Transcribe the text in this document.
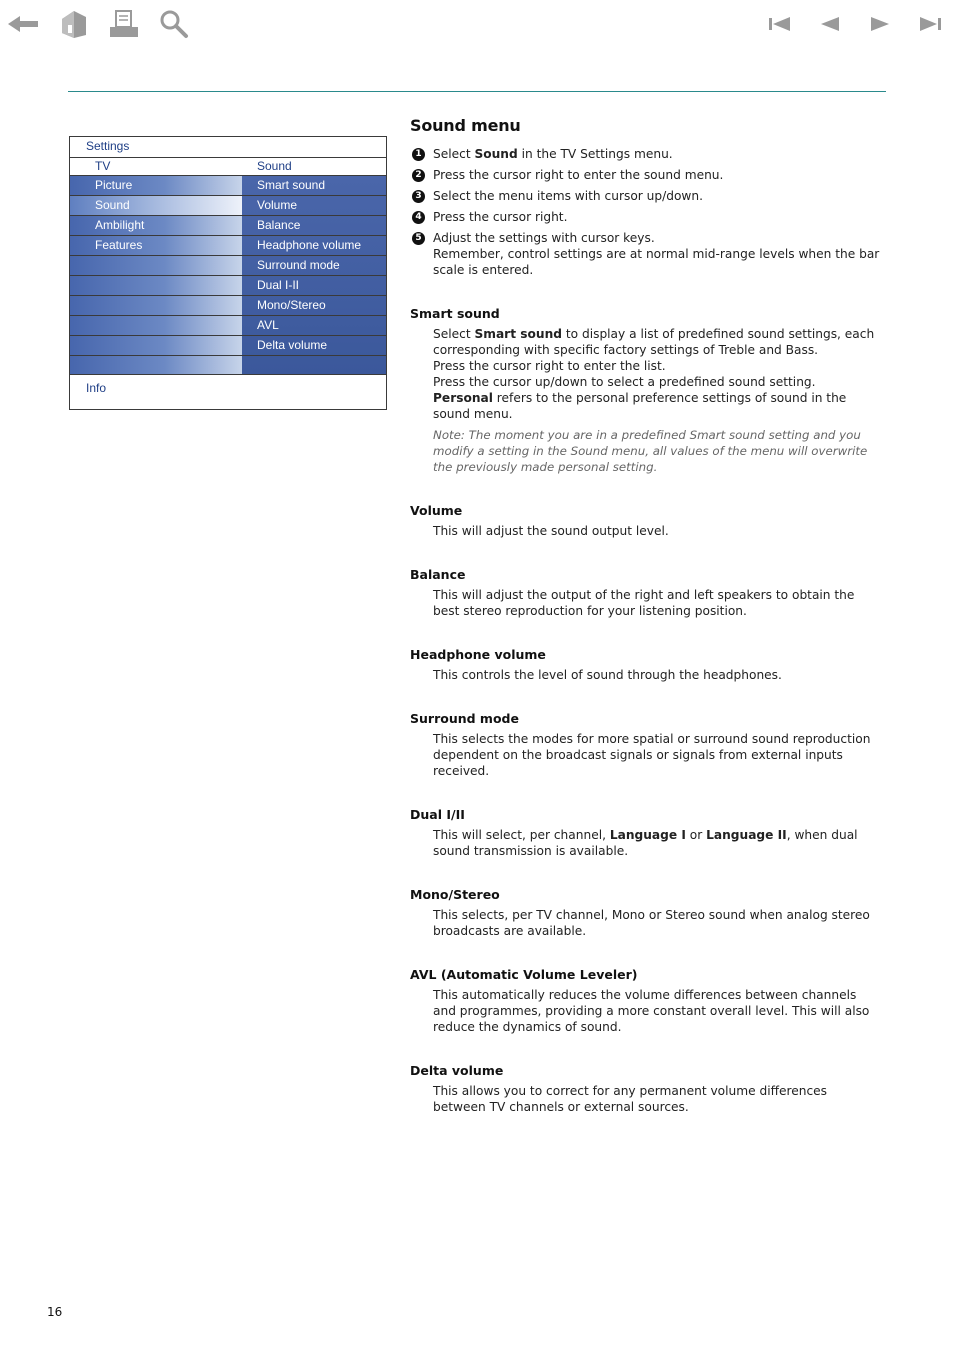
Settings
TV	Sound
Picture
Sound
Ambilight
Features
Smart sound
Volume
Balance
Headphone volume
Surround mode
Dual I-II
Mono/Stereo
AVL
Delta volume
Info
Sound menu
1 Select Sound in the TV Settings menu.
2 Press the cursor right to enter the sound menu.
3 Select the menu items with cursor up/down.
4 Press the cursor right.
5 Adjust the settings with cursor keys.
Remember, control settings are at normal mid-range levels when the bar scale is entered.
Smart sound

Select Smart sound to display a list of predefined sound settings, each corresponding with specific factory settings of Treble and Bass.

Press the cursor right to enter the list.

Press the cursor up/down to select a predefined sound setting.

Personal refers to the personal preference settings of sound in the sound menu.

Note: The moment you are in a predefined Smart sound setting and you modify a setting in the Sound menu, all values of the menu will overwrite the previously made personal setting.

Volume

This will adjust the sound output level.

Balance

This will adjust the output of the right and left speakers to obtain the best stereo reproduction for your listening position.

Headphone volume

This controls the level of sound through the headphones.

Surround mode

This selects the modes for more spatial or surround sound reproduction dependent on the broadcast signals or signals from external inputs received.

Dual I/II

This will select, per channel, Language I or Language II, when dual sound transmission is available.

Mono/Stereo

This selects, per TV channel, Mono or Stereo sound when analog stereo broadcasts are available.

AVL (Automatic Volume Leveler)

This automatically reduces the volume differences between channels and programmes, providing a more constant overall level. This will also reduce the dynamics of sound.

Delta volume

This allows you to correct for any permanent volume differences between TV channels or external sources.

16
